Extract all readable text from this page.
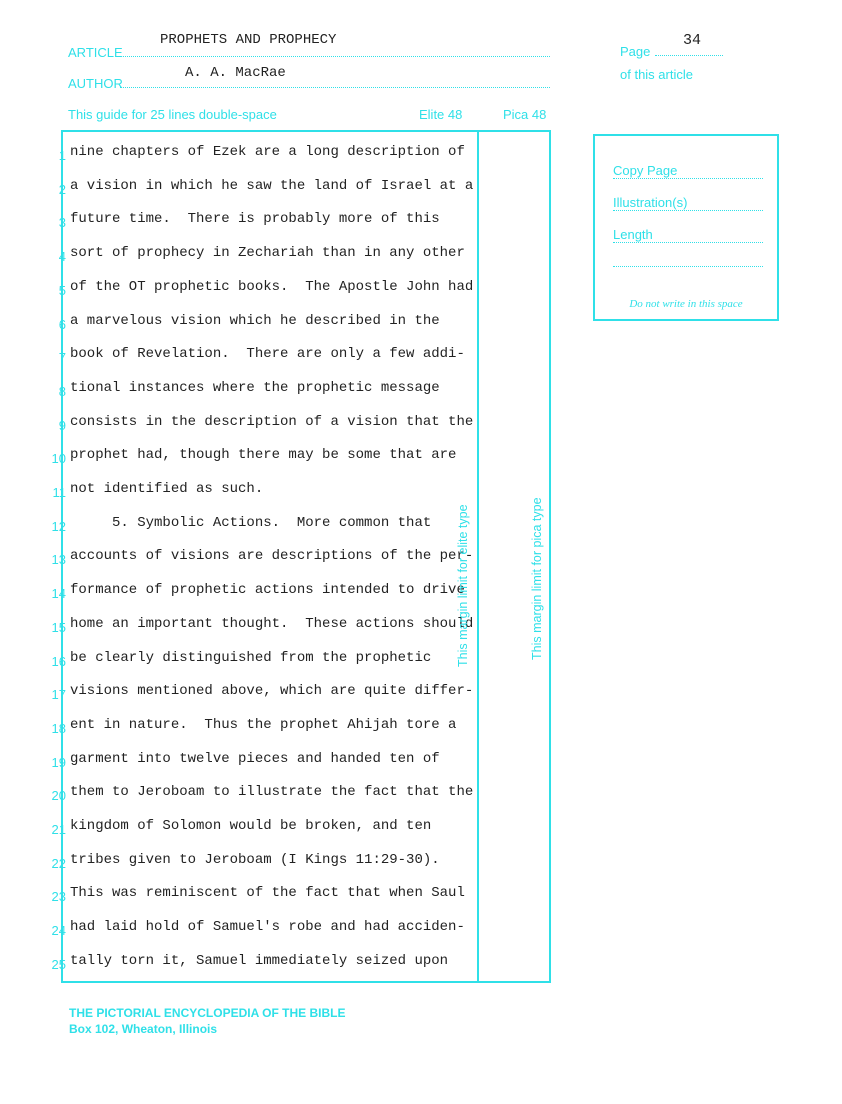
ARTICLE
PROPHETS AND PROPHECY
AUTHOR
A. A. MacRae
Page
34
of this article
This guide for 25 lines double-space	Elite 48	Pica 48
1 nine chapters of Ezek are a long description of
2 a vision in which he saw the land of Israel at a
3 future time.  There is probably more of this
4 sort of prophecy in Zechariah than in any other
5 of the OT prophetic books.  The Apostle John had
6 a marvelous vision which he described in the
7 book of Revelation.  There are only a few addi-
8 tional instances where the prophetic message
9 consists in the description of a vision that the
10 prophet had, though there may be some that are
11 not identified as such.
12 5. Symbolic Actions.  More common that
13 accounts of visions are descriptions of the per-
14 formance of prophetic actions intended to drive
15 home an important thought.  These actions should
16 be clearly distinguished from the prophetic
17 visions mentioned above, which are quite differ-
18 ent in nature.  Thus the prophet Ahijah tore a
19 garment into twelve pieces and handed ten of
20 them to Jeroboam to illustrate the fact that the
21 kingdom of Solomon would be broken, and ten
22 tribes given to Jeroboam (I Kings 11:29-30).
23 This was reminiscent of the fact that when Saul
24 had laid hold of Samuel's robe and had acciden-
25 tally torn it, Samuel immediately seized upon
This margin limit for elite type	This margin limit for pica type
Copy Page
Illustration(s)
Length
Do not write in this space
THE PICTORIAL ENCYCLOPEDIA OF THE BIBLE
Box 102, Wheaton, Illinois
